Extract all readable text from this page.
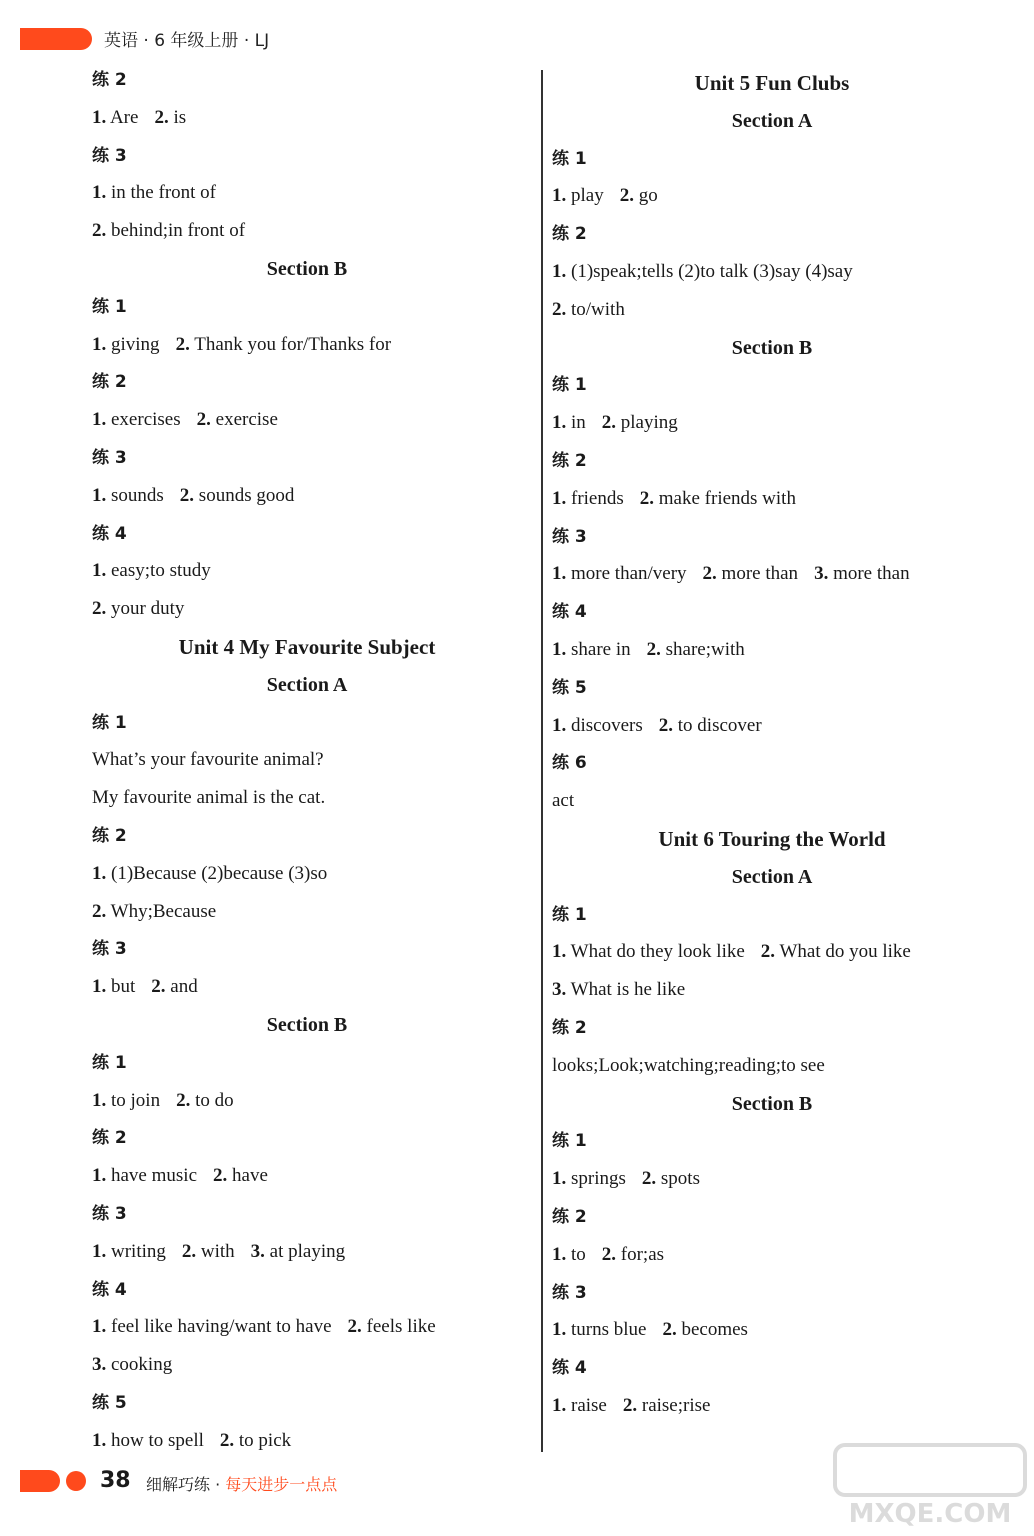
英语 · 6 年级上册 · LJ
练 2
1. Are 2. is
练 3
1. in the front of
2. behind;in front of
Section B
练 1
1. giving 2. Thank you for/Thanks for
练 2
1. exercises 2. exercise
练 3
1. sounds 2. sounds good
练 4
1. easy;to study
2. your duty
Unit 4 My Favourite Subject
Section A
练 1
What’s your favourite animal?
My favourite animal is the cat.
练 2
1. (1)Because (2)because (3)so
2. Why;Because
练 3
1. but 2. and
Section B
练 1
1. to join 2. to do
练 2
1. have music 2. have
练 3
1. writing 2. with 3. at playing
练 4
1. feel like having/want to have 2. feels like
3. cooking
练 5
1. how to spell 2. to pick
Unit 5 Fun Clubs
Section A
练 1
1. play 2. go
练 2
1. (1)speak;tells (2)to talk (3)say (4)say
2. to/with
Section B
练 1
1. in 2. playing
练 2
1. friends 2. make friends with
练 3
1. more than/very 2. more than 3. more than
练 4
1. share in 2. share;with
练 5
1. discovers 2. to discover
练 6
act
Unit 6 Touring the World
Section A
练 1
1. What do they look like 2. What do you like
3. What is he like
练 2
looks;Look;watching;reading;to see
Section B
练 1
1. springs 2. spots
练 2
1. to 2. for;as
练 3
1. turns blue 2. becomes
练 4
1. raise 2. raise;rise
38 细解巧练 · 每天进步一点点
MXQE.COM
